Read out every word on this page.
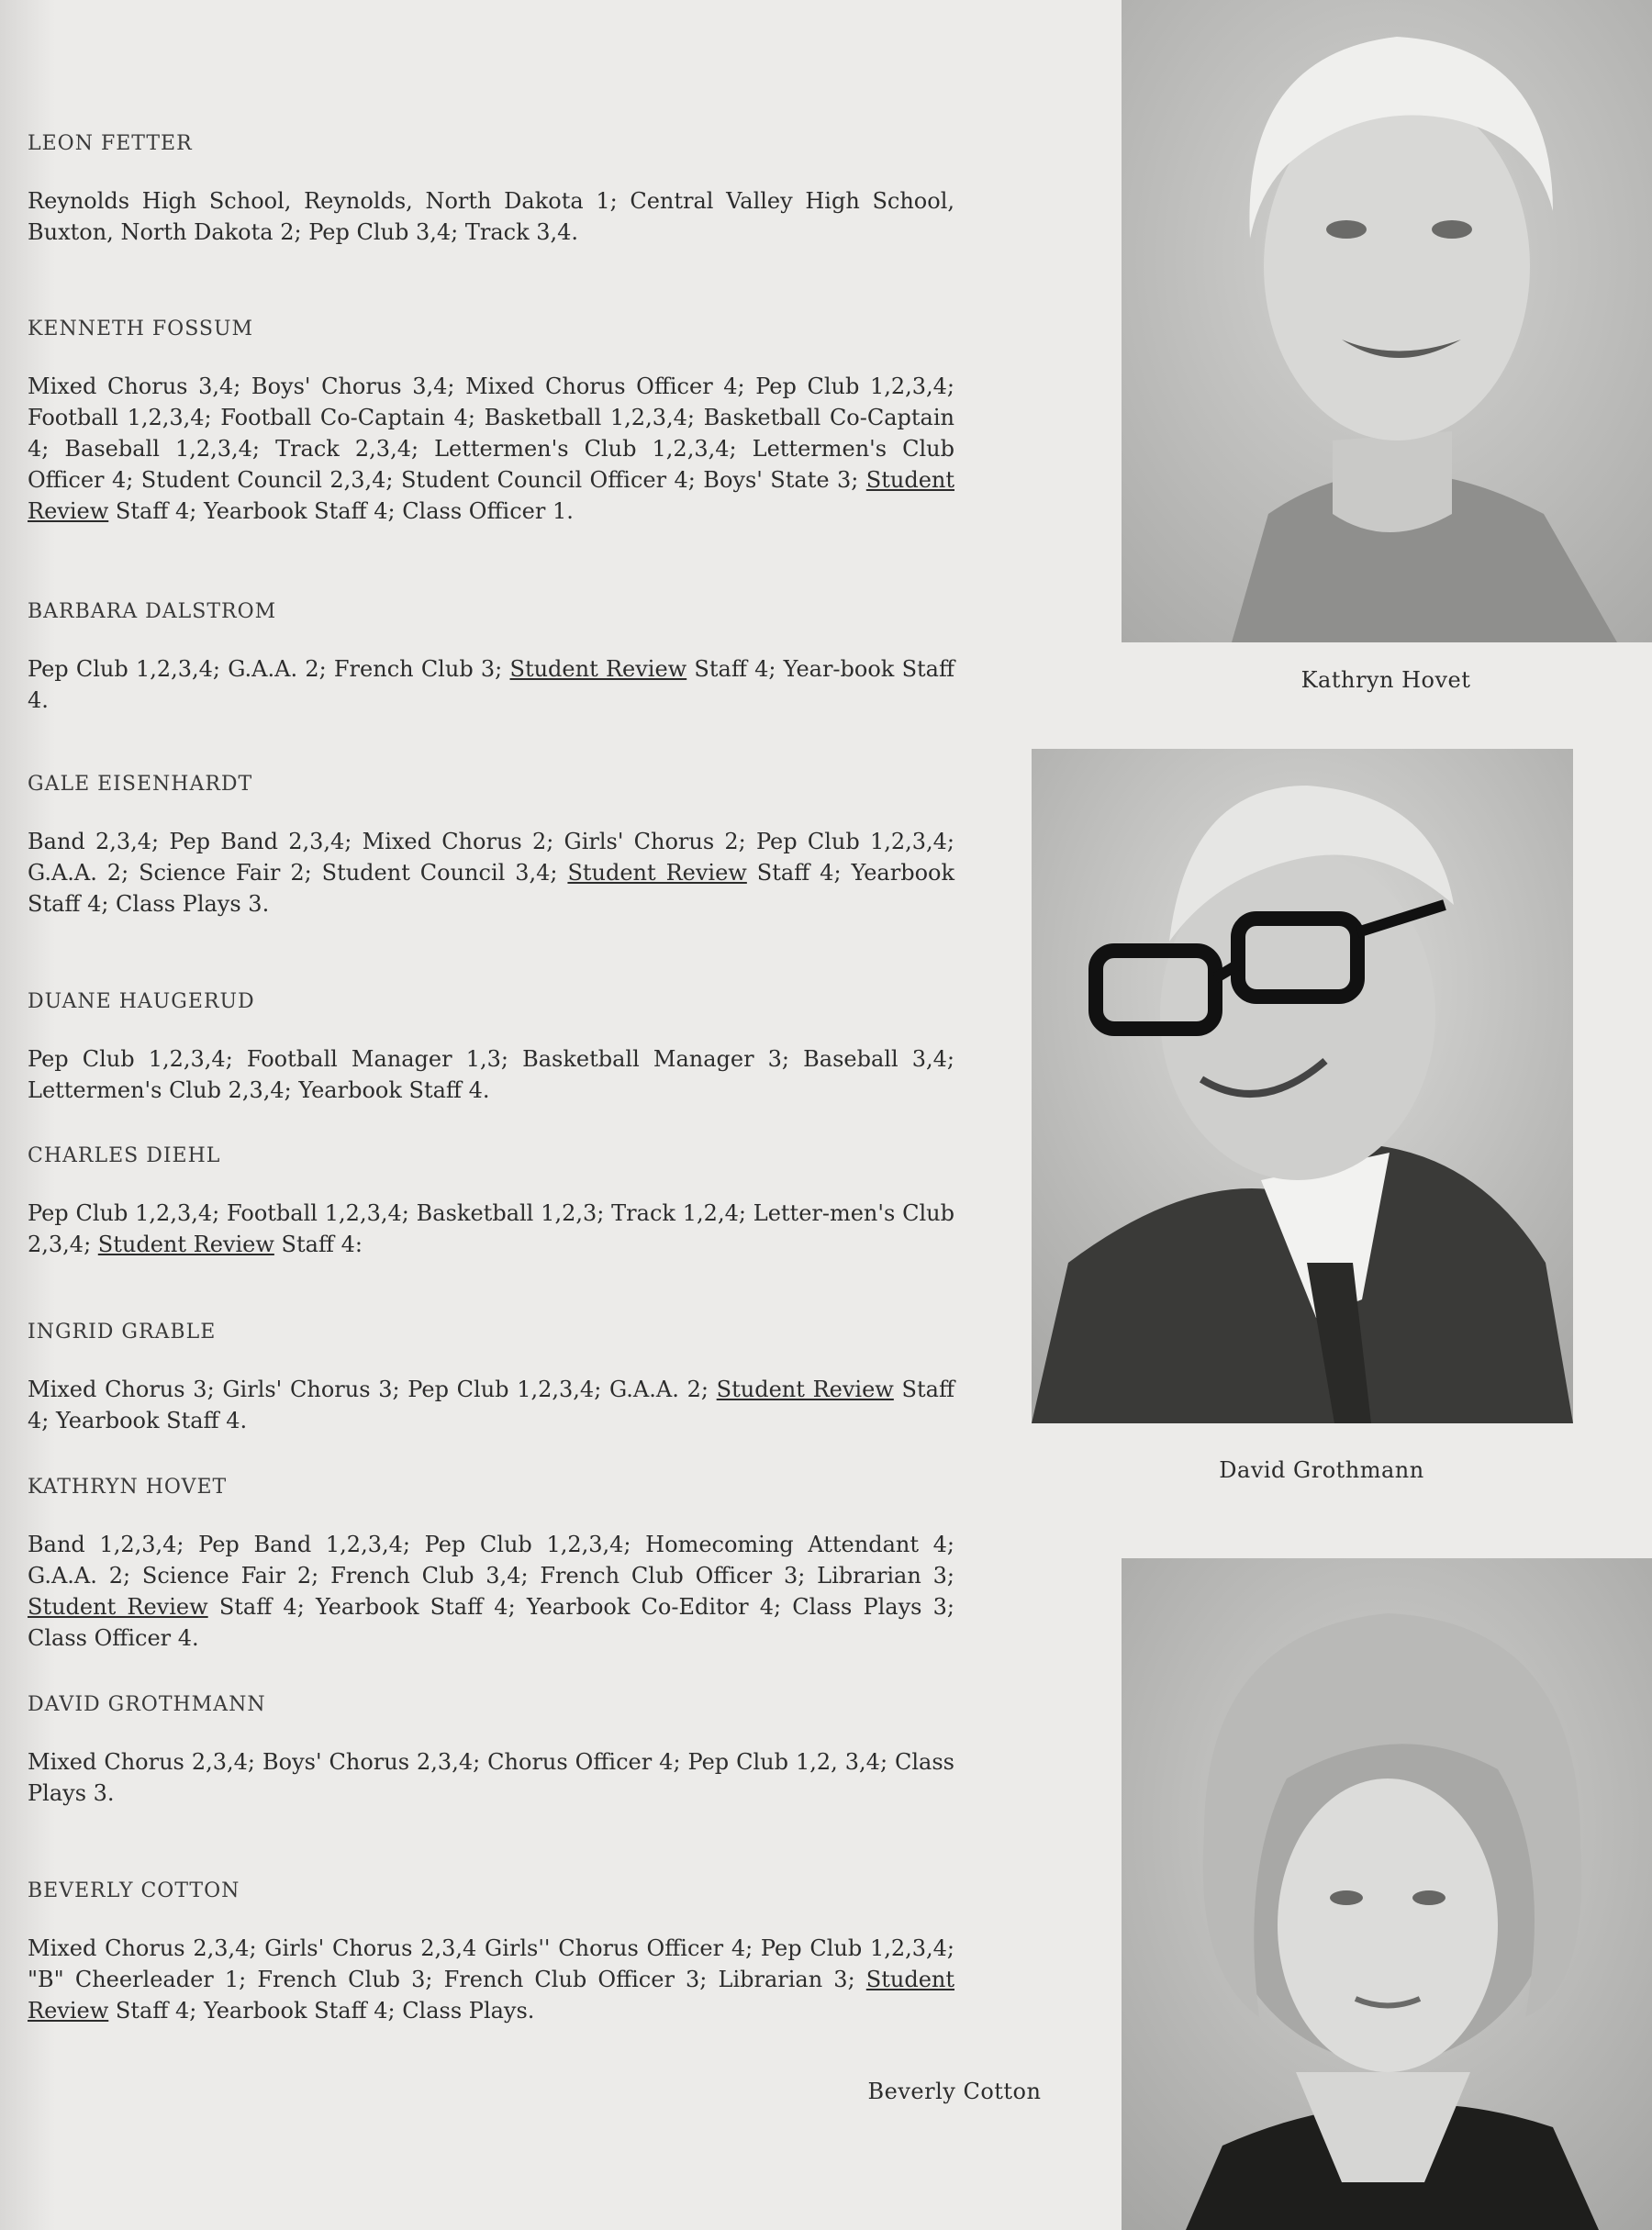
LEON FETTER

Reynolds High School, Reynolds, North Dakota 1; Central Valley High School, Buxton, North Dakota 2; Pep Club 3,4; Track 3,4.

KENNETH FOSSUM

Mixed Chorus 3,4; Boys' Chorus 3,4; Mixed Chorus Officer 4; Pep Club 1,2,3,4; Football 1,2,3,4; Football Co-Captain 4; Basketball 1,2,3,4; Basketball Co-Captain 4; Baseball 1,2,3,4; Track 2,3,4; Lettermen's Club 1,2,3,4; Lettermen's Club Officer 4; Student Council 2,3,4; Student Council Officer 4; Boys' State 3; Student Review Staff 4; Yearbook Staff 4; Class Officer 1.

BARBARA DALSTROM

Pep Club 1,2,3,4; G.A.A. 2; French Club 3; Student Review Staff 4; Year-book Staff 4.

GALE EISENHARDT

Band 2,3,4; Pep Band 2,3,4; Mixed Chorus 2; Girls' Chorus 2; Pep Club 1,2,3,4; G.A.A. 2; Science Fair 2; Student Council 3,4; Student Review Staff 4; Yearbook Staff 4; Class Plays 3.

DUANE HAUGERUD

Pep Club 1,2,3,4; Football Manager 1,3; Basketball Manager 3; Baseball 3,4; Lettermen's Club 2,3,4; Yearbook Staff 4.

CHARLES DIEHL

Pep Club 1,2,3,4; Football 1,2,3,4; Basketball 1,2,3; Track 1,2,4; Letter-men's Club 2,3,4; Student Review Staff 4:

INGRID GRABLE

Mixed Chorus 3; Girls' Chorus 3; Pep Club 1,2,3,4; G.A.A. 2; Student Review Staff 4; Yearbook Staff 4.

KATHRYN HOVET

Band 1,2,3,4; Pep Band 1,2,3,4; Pep Club 1,2,3,4; Homecoming Attendant 4; G.A.A. 2; Science Fair 2; French Club 3,4; French Club Officer 3; Librarian 3; Student Review Staff 4; Yearbook Staff 4; Yearbook Co-Editor 4; Class Plays 3; Class Officer 4.

DAVID GROTHMANN

Mixed Chorus 2,3,4; Boys' Chorus 2,3,4; Chorus Officer 4; Pep Club 1,2, 3,4; Class Plays 3.

BEVERLY COTTON

Mixed Chorus 2,3,4; Girls' Chorus 2,3,4 Girls'' Chorus Officer 4; Pep Club 1,2,3,4; "B" Cheerleader 1; French Club 3; French Club Officer 3; Librarian 3; Student Review Staff 4; Yearbook Staff 4; Class Plays.

Kathryn Hovet
David Grothmann
Beverly Cotton
